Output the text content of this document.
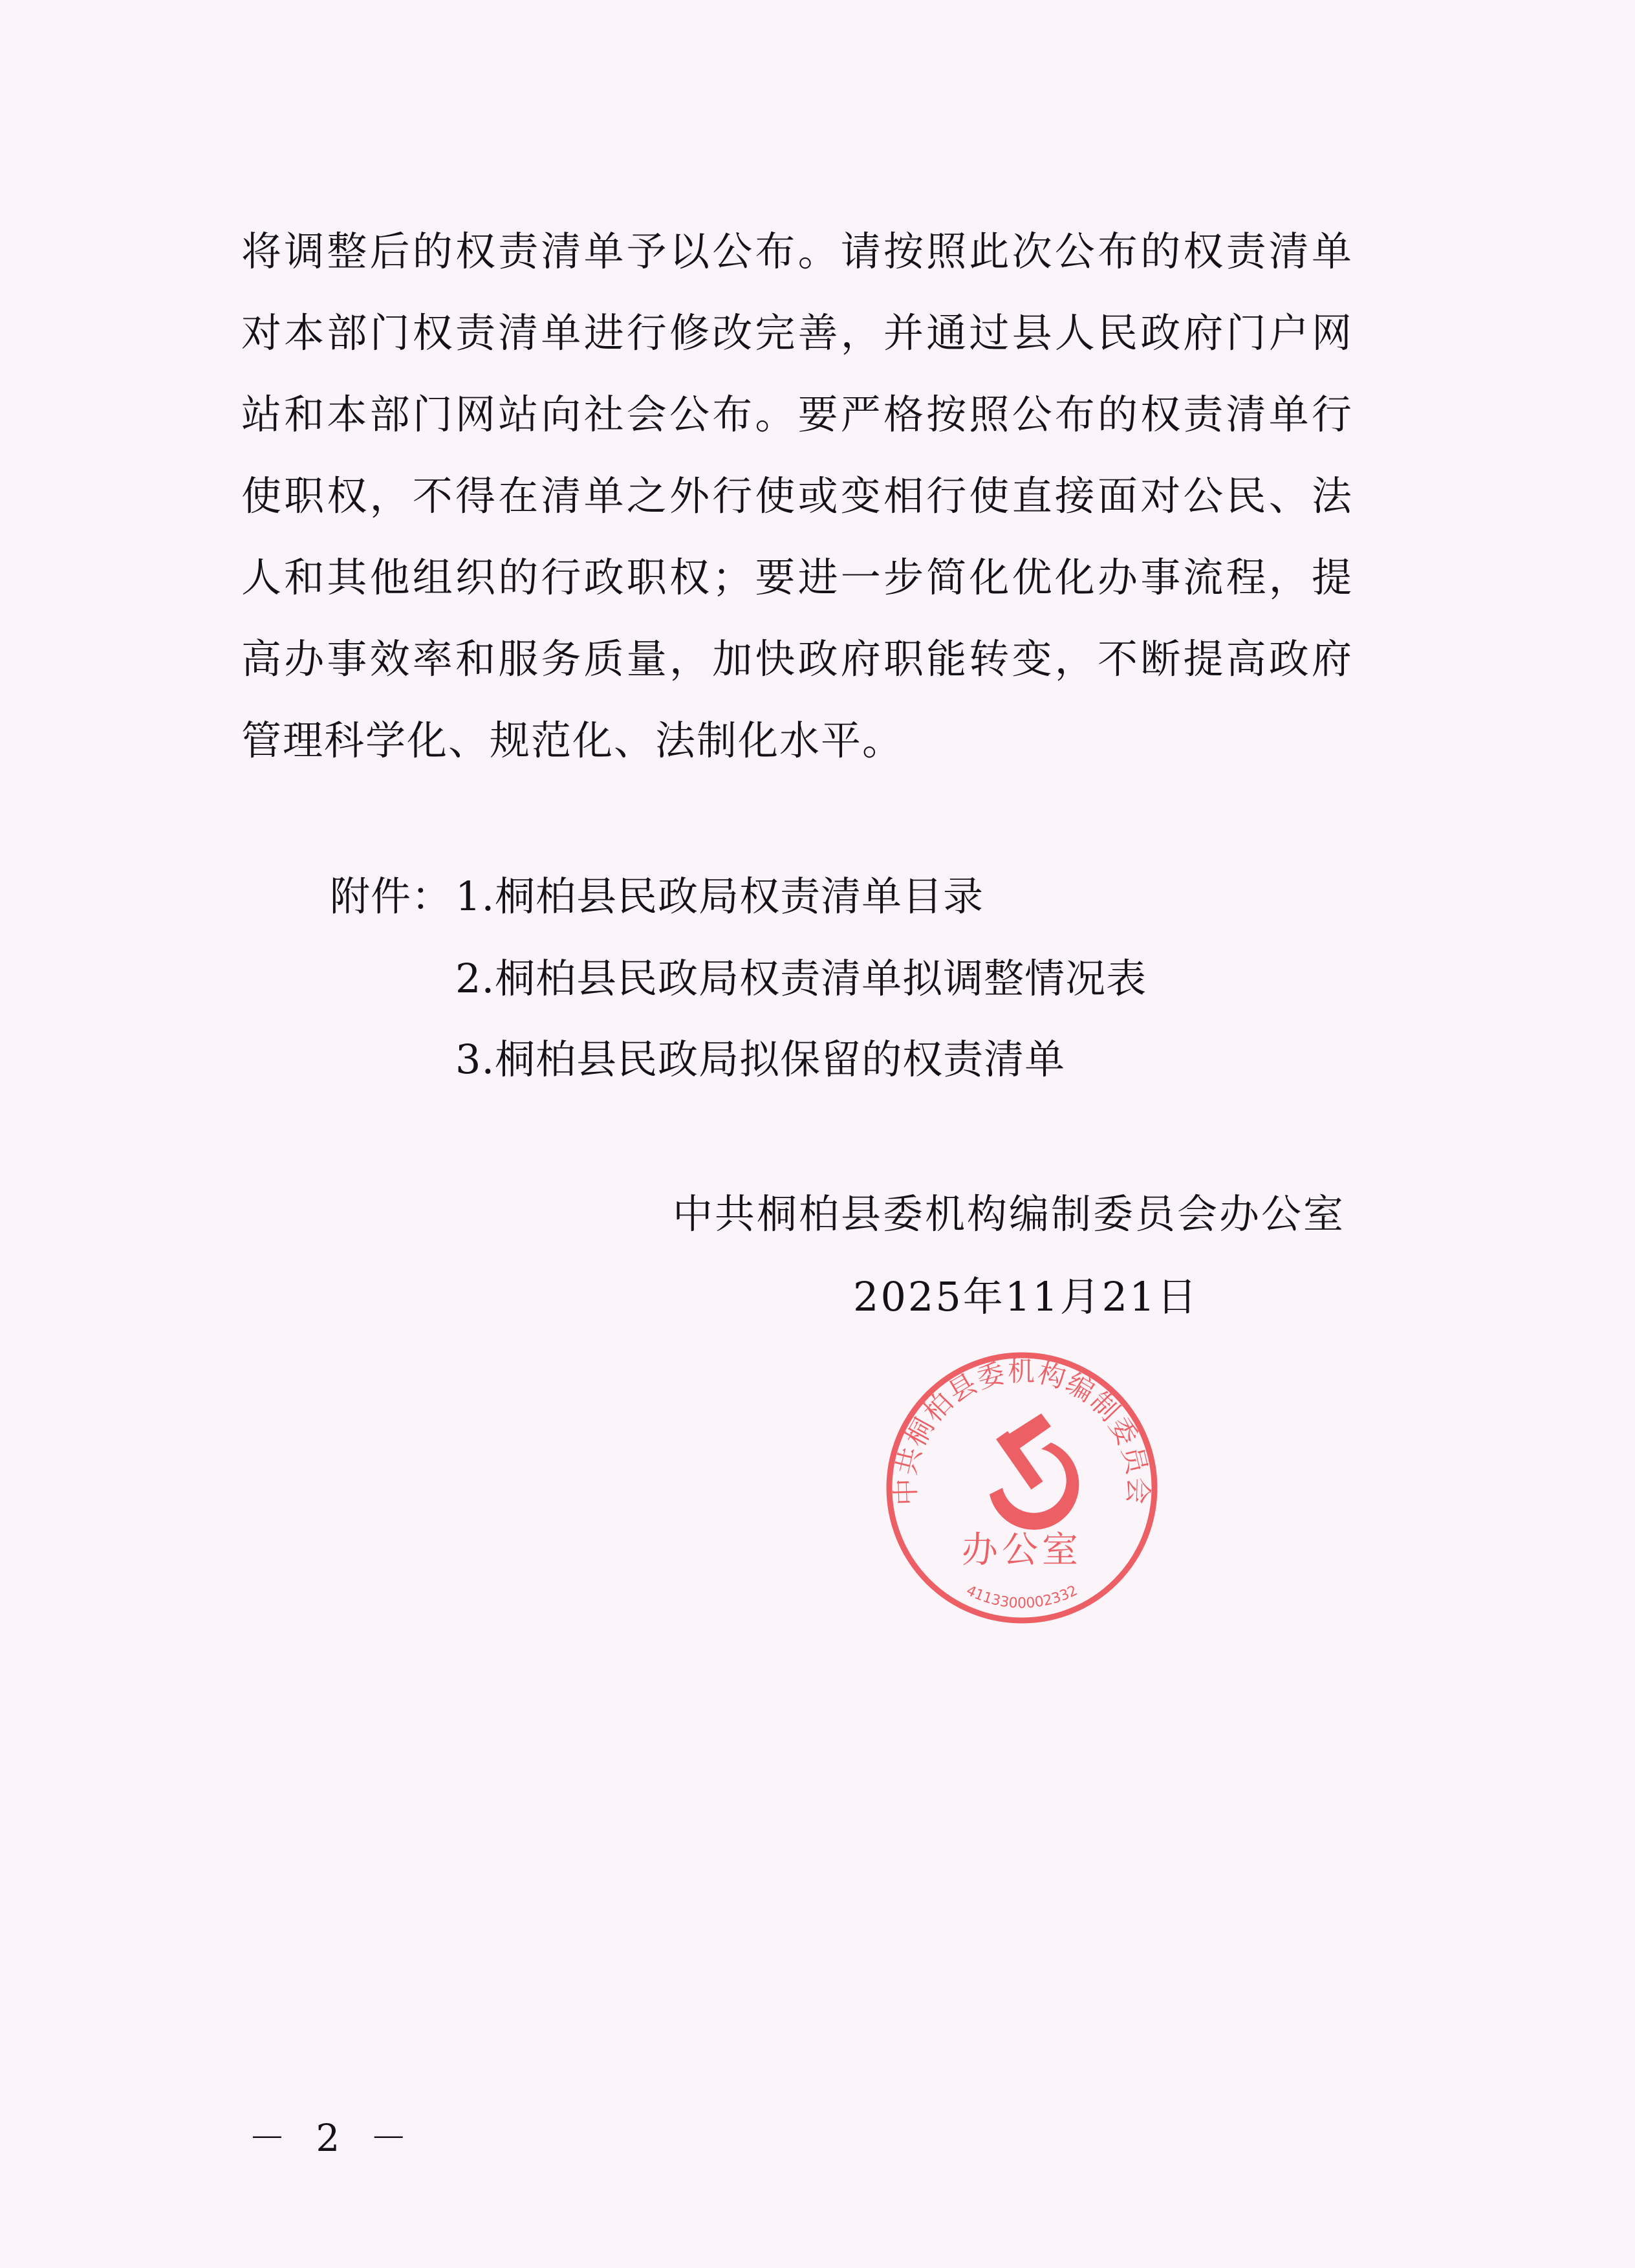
将调整后的权责清单予以公布。请按照此次公布的权责清单
对本部门权责清单进行修改完善，并通过县人民政府门户网
站和本部门网站向社会公布。要严格按照公布的权责清单行
使职权，不得在清单之外行使或变相行使直接面对公民、法
人和其他组织的行政职权；要进一步简化优化办事流程，提
高办事效率和服务质量，加快政府职能转变，不断提高政府
管理科学化、规范化、法制化水平。
附件： 1.桐柏县民政局权责清单目录
2.桐柏县民政局权责清单拟调整情况表
3.桐柏县民政局拟保留的权责清单
中共桐柏县委机构编制委员会办公室
2025年11月21日
中共桐柏县委机构编制委员会
办公室
4113300002332
－ 2 －
